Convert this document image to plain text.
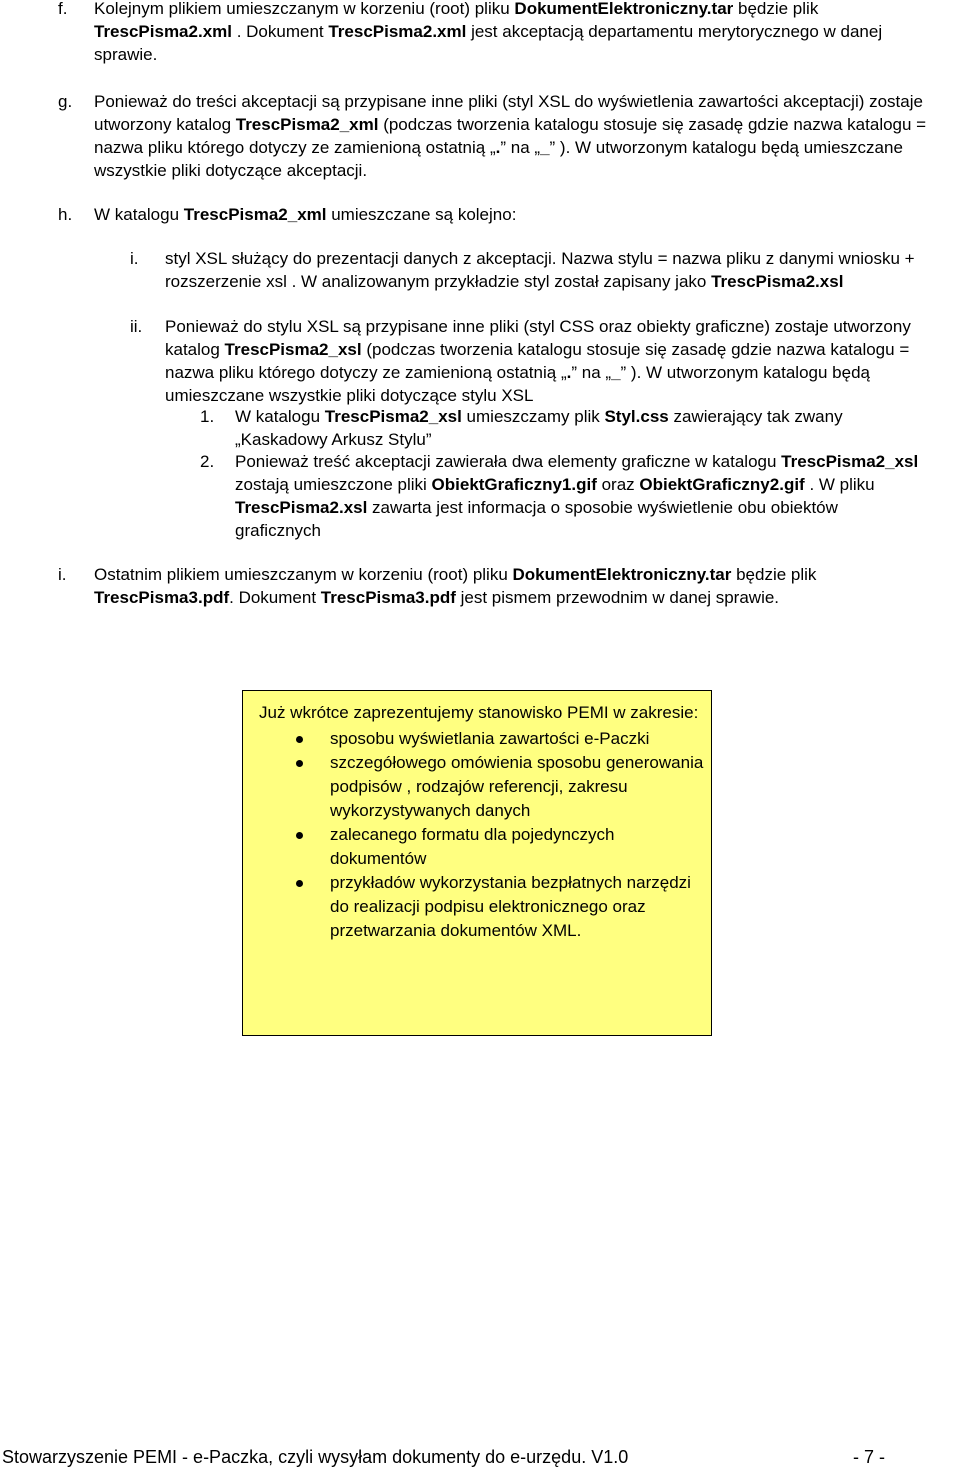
f. Kolejnym plikiem umieszczanym w korzeniu (root) pliku DokumentElektroniczny.tar będzie plik TrescPisma2.xml . Dokument TrescPisma2.xml jest akceptacją departamentu merytorycznego w danej sprawie.
g. Ponieważ do treści akceptacji są przypisane inne pliki (styl XSL do wyświetlenia zawartości akceptacji) zostaje utworzony katalog TrescPisma2_xml (podczas tworzenia katalogu stosuje się zasadę gdzie nazwa katalogu = nazwa pliku którego dotyczy ze zamienioną ostatnią „.” na „_” ). W utworzonym katalogu będą umieszczane wszystkie pliki dotyczące akceptacji.
h. W katalogu TrescPisma2_xml umieszczane są kolejno:
i. styl XSL służący do prezentacji danych z akceptacji. Nazwa stylu = nazwa pliku z danymi wniosku + rozszerzenie xsl . W analizowanym przykładzie styl został zapisany jako TrescPisma2.xsl
ii. Ponieważ do stylu XSL są przypisane inne pliki (styl CSS oraz obiekty graficzne) zostaje utworzony katalog TrescPisma2_xsl (podczas tworzenia katalogu stosuje się zasadę gdzie nazwa katalogu = nazwa pliku którego dotyczy ze zamienioną ostatnią „.” na „_” ). W utworzonym katalogu będą umieszczane wszystkie pliki dotyczące stylu XSL
1. W katalogu TrescPisma2_xsl umieszczamy plik Styl.css zawierający tak zwany „Kaskadowy Arkusz Stylu”
2. Ponieważ treść akceptacji zawierała dwa elementy graficzne w katalogu TrescPisma2_xsl zostają umieszczone pliki ObiektGraficzny1.gif oraz ObiektGraficzny2.gif . W pliku TrescPisma2.xsl zawarta jest informacja o sposobie wyświetlenie obu obiektów graficznych
i. Ostatnim plikiem umieszczanym w korzeniu (root) pliku DokumentElektroniczny.tar będzie plik TrescPisma3.pdf. Dokument TrescPisma3.pdf jest pismem przewodnim w danej sprawie.
Już wkrótce zaprezentujemy stanowisko PEMI w zakresie:
sposobu wyświetlania zawartości e-Paczki
szczegółowego omówienia sposobu generowania podpisów , rodzajów referencji, zakresu wykorzystywanych danych
zalecanego formatu dla pojedynczych dokumentów
przykładów wykorzystania bezpłatnych narzędzi do realizacji podpisu elektronicznego oraz przetwarzania dokumentów XML.
Stowarzyszenie PEMI - e-Paczka, czyli wysyłam dokumenty do e-urzędu. V1.0	- 7 -
